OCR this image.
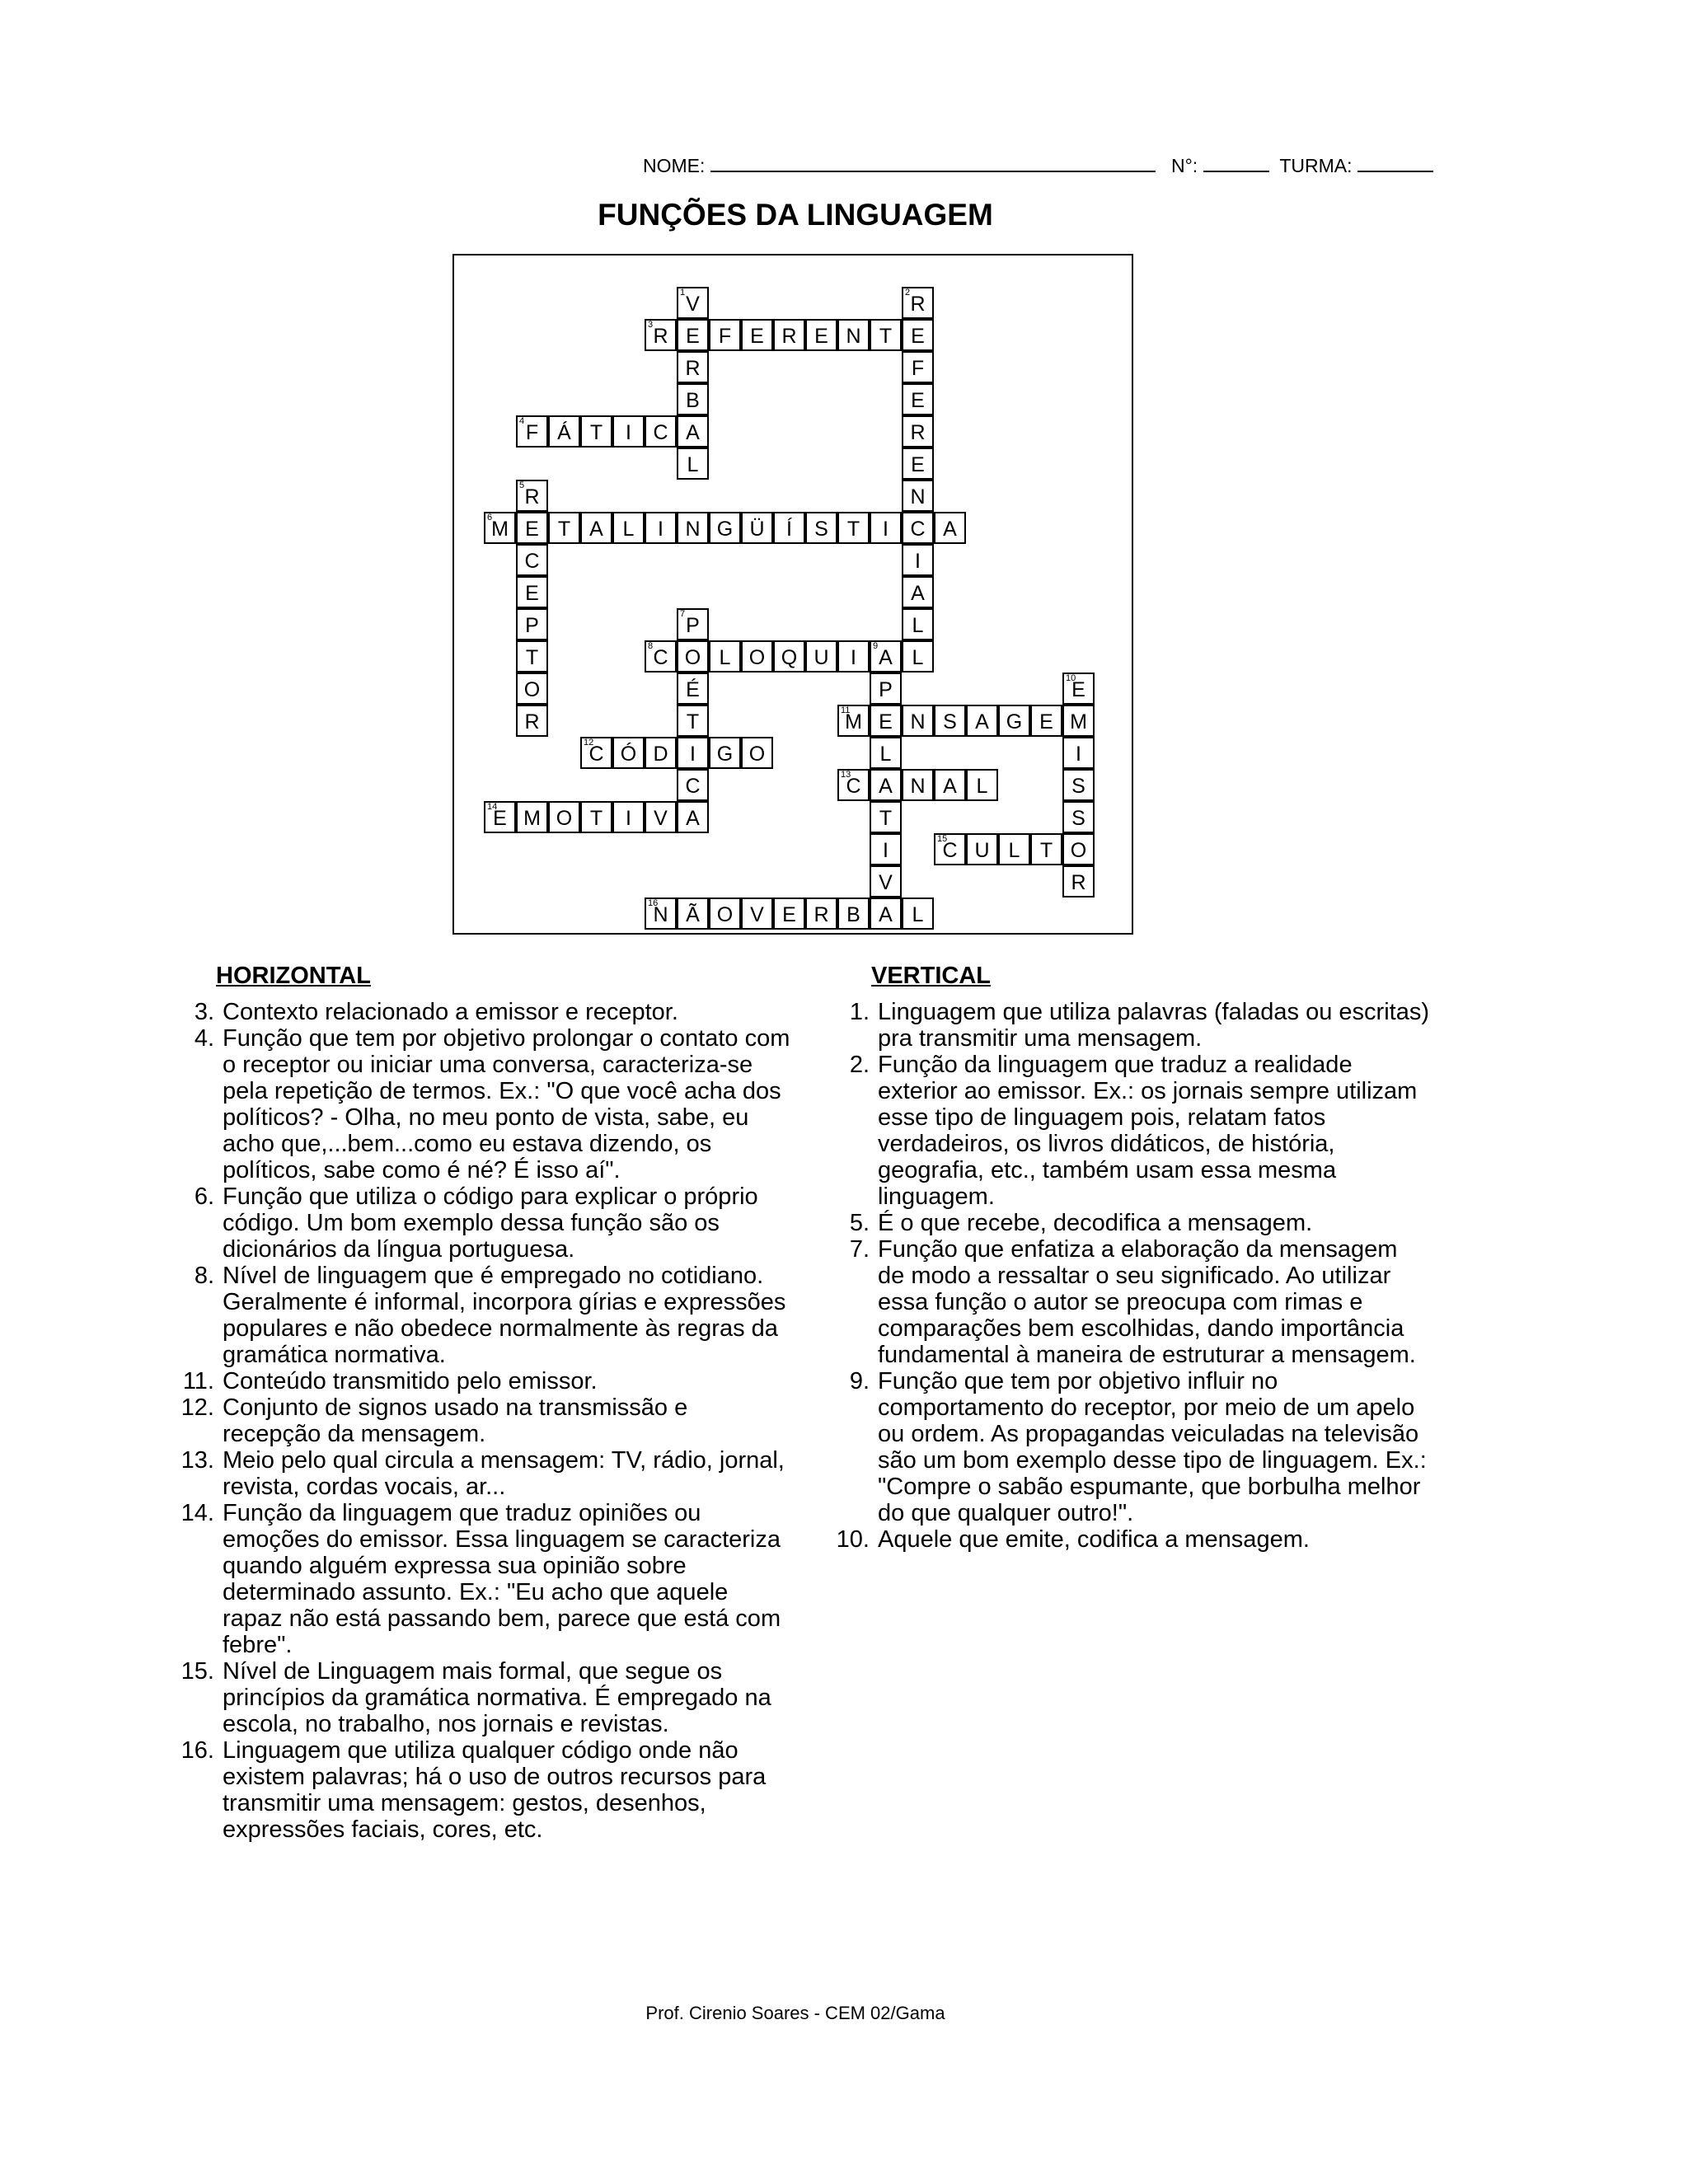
NOME:	N°:	TURMA:
FUNÇÕES DA LINGUAGEM
3 R E F E R E N T E
4 F Á T	I	C A
6
M E T A L	I	N G Ü	Í	S T	I	C A
8 C O L O Q U	I	9 A L
11
M E N S A G E M
12
C Ó D	I	G O
13
C A N A L
14
E M O T	I	V A
15
C U L T O
16
N Ã O V E R B A L
1 V
R
B
L
2 R
F
E
R
E
N
I
A
L
5 R
C
E
P
T
O
R
7 P
É
T
C
P
L
T
I
V
10
E
I
S
S
R
HORIZONTAL
3. Contexto relacionado a emissor e receptor.
4. Função que tem por objetivo prolongar o contato com o receptor ou iniciar uma conversa, caracteriza-se pela repetição de termos. Ex.: "O que você acha dos políticos? - Olha, no meu ponto de vista, sabe, eu acho que,...bem...como eu estava dizendo, os políticos, sabe como é né? É isso aí".
6. Função que utiliza o código para explicar o próprio código. Um bom exemplo dessa função são os dicionários da língua portuguesa.
8. Nível de linguagem que é empregado no cotidiano. Geralmente é informal, incorpora gírias e expressões populares e não obedece normalmente às regras da gramática normativa.
11. Conteúdo transmitido pelo emissor.
12. Conjunto de signos usado na transmissão e recepção da mensagem.
13. Meio pelo qual circula a mensagem: TV, rádio, jornal, revista, cordas vocais, ar...
14. Função da linguagem que traduz opiniões ou emoções do emissor. Essa linguagem se caracteriza quando alguém expressa sua opinião sobre determinado assunto. Ex.: "Eu acho que aquele rapaz não está passando bem, parece que está com febre".
15. Nível de Linguagem mais formal, que segue os princípios da gramática normativa. É empregado na escola, no trabalho, nos jornais e revistas.
16. Linguagem que utiliza qualquer código onde não existem palavras; há o uso de outros recursos para transmitir uma mensagem: gestos, desenhos, expressões faciais, cores, etc.
VERTICAL
1. Linguagem que utiliza palavras (faladas ou escritas) pra transmitir uma mensagem.
2. Função da linguagem que traduz a realidade exterior ao emissor. Ex.: os jornais sempre utilizam esse tipo de linguagem pois, relatam fatos verdadeiros, os livros didáticos, de história, geografia, etc., também usam essa mesma linguagem.
5. É o que recebe, decodifica a mensagem.
7. Função que enfatiza a elaboração da mensagem de modo a ressaltar o seu significado. Ao utilizar essa função o autor se preocupa com rimas e comparações bem escolhidas, dando importância fundamental à maneira de estruturar a mensagem.
9. Função que tem por objetivo influir no comportamento do receptor, por meio de um apelo ou ordem. As propagandas veiculadas na televisão são um bom exemplo desse tipo de linguagem. Ex.: "Compre o sabão espumante, que borbulha melhor do que qualquer outro!".
10. Aquele que emite, codifica a mensagem.
Prof. Cirenio Soares - CEM 02/Gama
